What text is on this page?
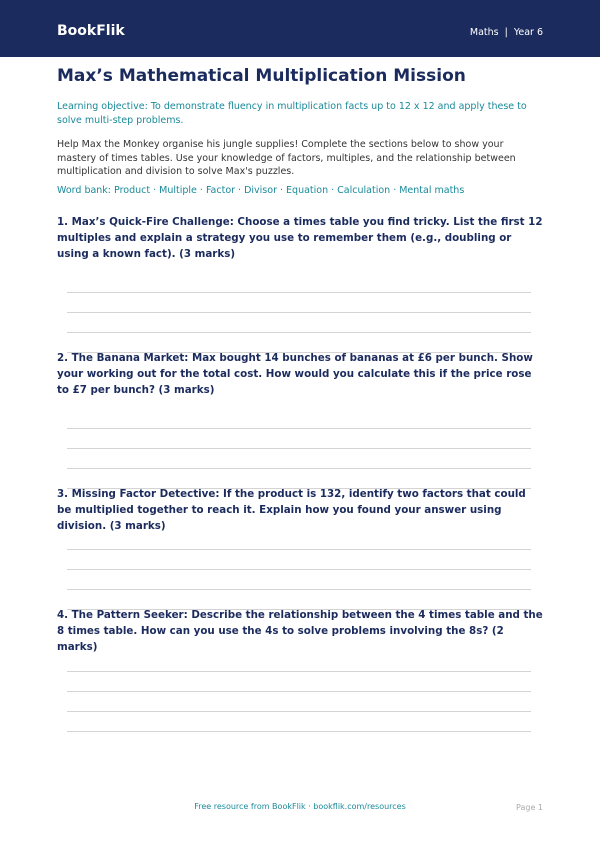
BookFlik	Maths | Year 6
Max’s Mathematical Multiplication Mission

Learning objective: To demonstrate fluency in multiplication facts up to 12 x 12 and apply these to solve multi-step problems.

Help Max the Monkey organise his jungle supplies! Complete the sections below to show your mastery of times tables. Use your knowledge of factors, multiples, and the relationship between multiplication and division to solve Max's puzzles.

Word bank: Product · Multiple · Factor · Divisor · Equation · Calculation · Mental maths

1. Max’s Quick-Fire Challenge: Choose a times table you find tricky. List the first 12 multiples and explain a strategy you use to remember them (e.g., doubling or using a known fact). (3 marks)

2. The Banana Market: Max bought 14 bunches of bananas at £6 per bunch. Show your working out for the total cost. How would you calculate this if the price rose to £7 per bunch? (3 marks)

3. Missing Factor Detective: If the product is 132, identify two factors that could be multiplied together to reach it. Explain how you found your answer using division. (3 marks)

4. The Pattern Seeker: Describe the relationship between the 4 times table and the 8 times table. How can you use the 4s to solve problems involving the 8s? (2 marks)

Free resource from BookFlik · bookflik.com/resources	Page 1
